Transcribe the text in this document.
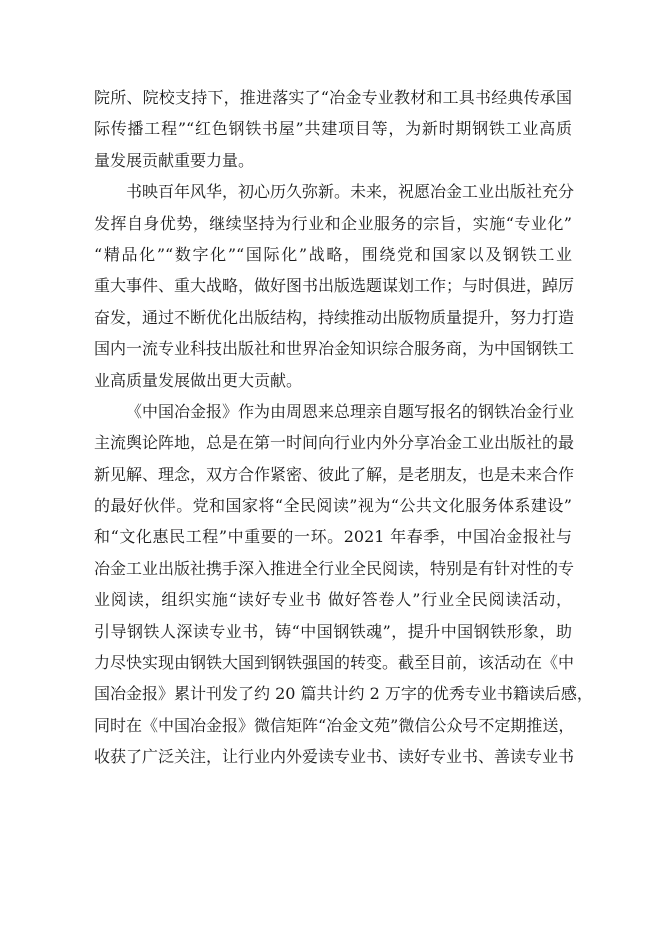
院所、院校支持下，推进落实了“冶金专业教材和工具书经典传承国
际传播工程”“红色钢铁书屋”共建项目等，为新时期钢铁工业高质
量发展贡献重要力量。
书映百年风华，初心历久弥新。未来，祝愿冶金工业出版社充分
发挥自身优势，继续坚持为行业和企业服务的宗旨，实施“专业化”
“精品化”“数字化”“国际化”战略，围绕党和国家以及钢铁工业
重大事件、重大战略，做好图书出版选题谋划工作；与时俱进，踔厉
奋发，通过不断优化出版结构，持续推动出版物质量提升，努力打造
国内一流专业科技出版社和世界冶金知识综合服务商，为中国钢铁工
业高质量发展做出更大贡献。
《中国冶金报》作为由周恩来总理亲自题写报名的钢铁冶金行业
主流舆论阵地，总是在第一时间向行业内外分享冶金工业出版社的最
新见解、理念，双方合作紧密、彼此了解，是老朋友，也是未来合作
的最好伙伴。党和国家将“全民阅读”视为“公共文化服务体系建设”
和“文化惠民工程”中重要的一环。2021 年春季，中国冶金报社与
冶金工业出版社携手深入推进全行业全民阅读，特别是有针对性的专
业阅读，组织实施“读好专业书 做好答卷人”行业全民阅读活动，
引导钢铁人深读专业书，铸“中国钢铁魂”，提升中国钢铁形象，助
力尽快实现由钢铁大国到钢铁强国的转变。截至目前，该活动在《中
国冶金报》累计刊发了约 20 篇共计约 2 万字的优秀专业书籍读后感，
同时在《中国冶金报》微信矩阵“冶金文苑”微信公众号不定期推送，
收获了广泛关注，让行业内外爱读专业书、读好专业书、善读专业书
